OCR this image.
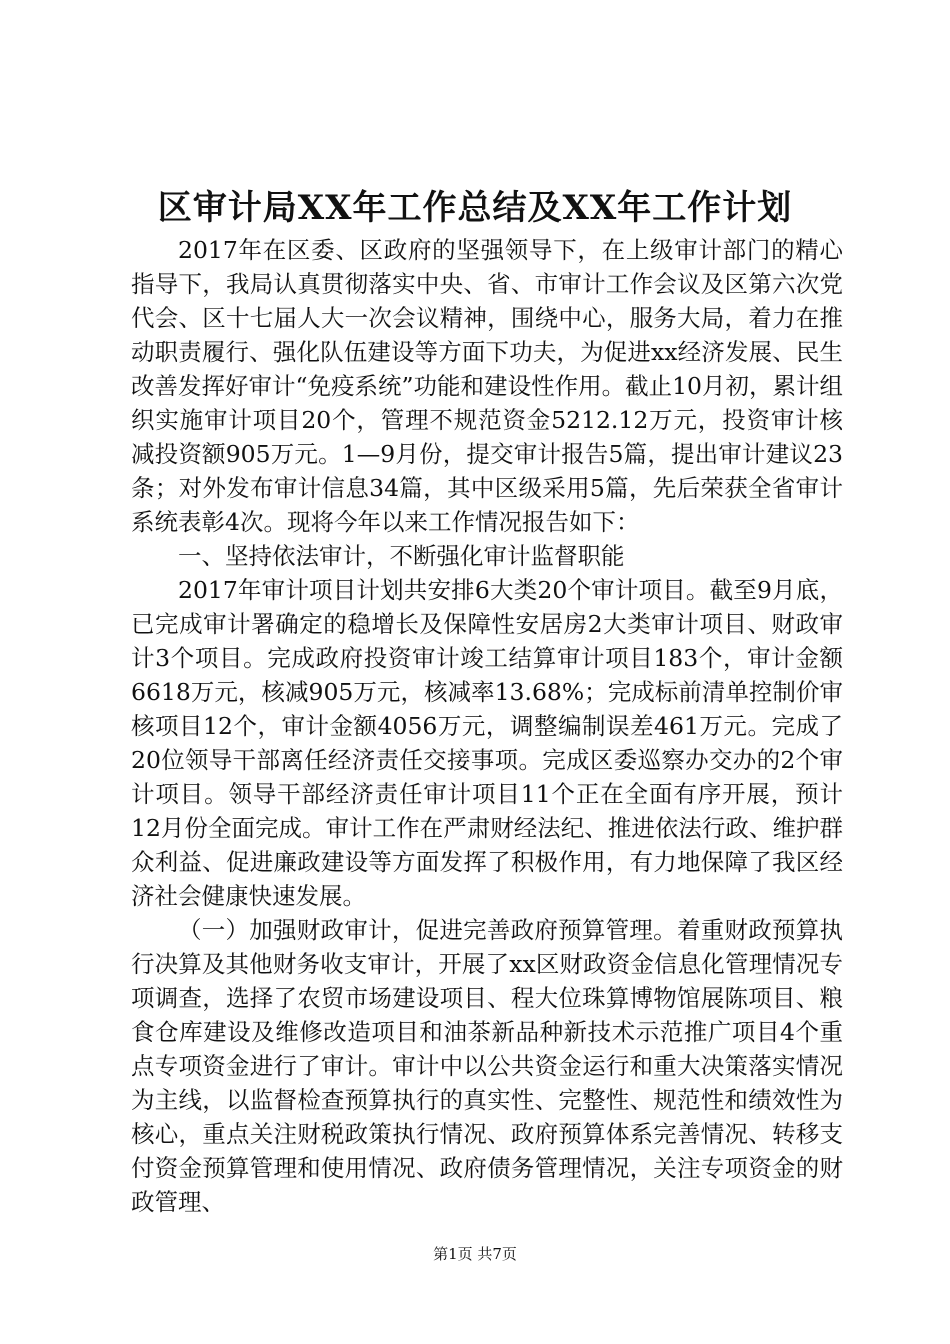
区审计局XX年工作总结及XX年工作计划

2017年在区委、区政府的坚强领导下，在上级审计部门的精心指导下，我局认真贯彻落实中央、省、市审计工作会议及区第六次党代会、区十七届人大一次会议精神，围绕中心，服务大局，着力在推动职责履行、强化队伍建设等方面下功夫，为促进xx经济发展、民生改善发挥好审计“免疫系统”功能和建设性作用。截止10月初，累计组织实施审计项目20个，管理不规范资金5212.12万元，投资审计核减投资额905万元。1—9月份，提交审计报告5篇，提出审计建议23条；对外发布审计信息34篇，其中区级采用5篇，先后荣获全省审计系统表彰4次。现将今年以来工作情况报告如下：

一、坚持依法审计，不断强化审计监督职能

2017年审计项目计划共安排6大类20个审计项目。截至9月底，已完成审计署确定的稳增长及保障性安居房2大类审计项目、财政审计3个项目。完成政府投资审计竣工结算审计项目183个，审计金额6618万元，核减905万元，核减率13.68%；完成标前清单控制价审核项目12个，审计金额4056万元，调整编制误差461万元。完成了20位领导干部离任经济责任交接事项。完成区委巡察办交办的2个审计项目。领导干部经济责任审计项目11个正在全面有序开展，预计12月份全面完成。审计工作在严肃财经法纪、推进依法行政、维护群众利益、促进廉政建设等方面发挥了积极作用，有力地保障了我区经济社会健康快速发展。

（一）加强财政审计，促进完善政府预算管理。着重财政预算执行决算及其他财务收支审计，开展了xx区财政资金信息化管理情况专项调查，选择了农贸市场建设项目、程大位珠算博物馆展陈项目、粮食仓库建设及维修改造项目和油茶新品种新技术示范推广项目4个重点专项资金进行了审计。审计中以公共资金运行和重大决策落实情况为主线，以监督检查预算执行的真实性、完整性、规范性和绩效性为核心，重点关注财税政策执行情况、政府预算体系完善情况、转移支付资金预算管理和使用情况、政府债务管理情况，关注专项资金的财政管理、

第1页 共7页
